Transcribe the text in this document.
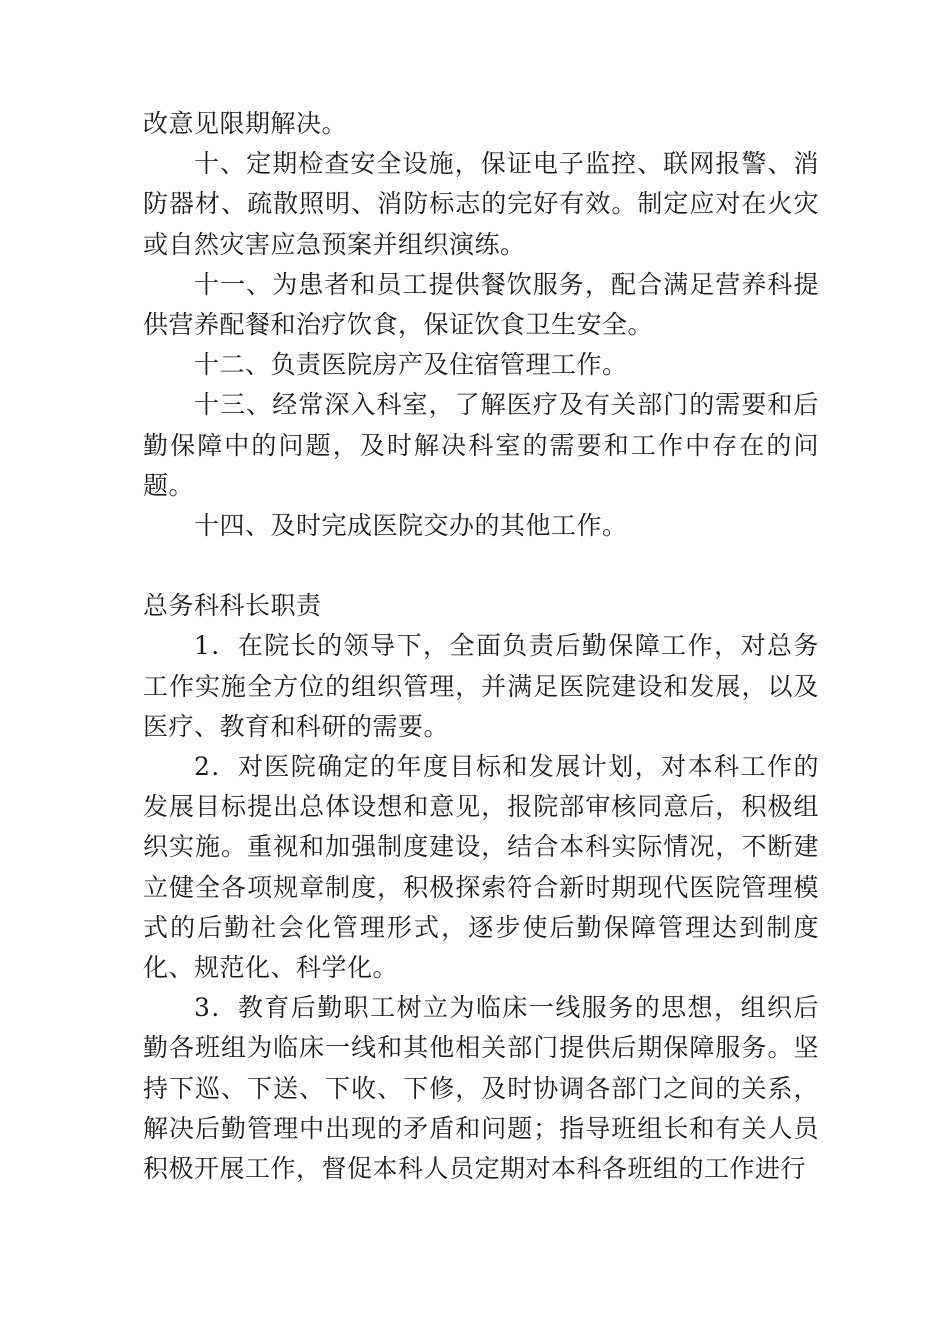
改意见限期解决。

十、定期检查安全设施，保证电子监控、联网报警、消防器材、疏散照明、消防标志的完好有效。制定应对在火灾或自然灾害应急预案并组织演练。

十一、为患者和员工提供餐饮服务，配合满足营养科提供营养配餐和治疗饮食，保证饮食卫生安全。

十二、负责医院房产及住宿管理工作。

十三、经常深入科室，了解医疗及有关部门的需要和后勤保障中的问题，及时解决科室的需要和工作中存在的问题。

十四、及时完成医院交办的其他工作。

总务科科长职责

1．在院长的领导下，全面负责后勤保障工作，对总务工作实施全方位的组织管理，并满足医院建设和发展，以及医疗、教育和科研的需要。

2．对医院确定的年度目标和发展计划，对本科工作的发展目标提出总体设想和意见，报院部审核同意后，积极组织实施。重视和加强制度建设，结合本科实际情况，不断建立健全各项规章制度，积极探索符合新时期现代医院管理模式的后勤社会化管理形式，逐步使后勤保障管理达到制度化、规范化、科学化。

3．教育后勤职工树立为临床一线服务的思想，组织后勤各班组为临床一线和其他相关部门提供后期保障服务。坚持下巡、下送、下收、下修，及时协调各部门之间的关系，解决后勤管理中出现的矛盾和问题；指导班组长和有关人员积极开展工作，督促本科人员定期对本科各班组的工作进行
